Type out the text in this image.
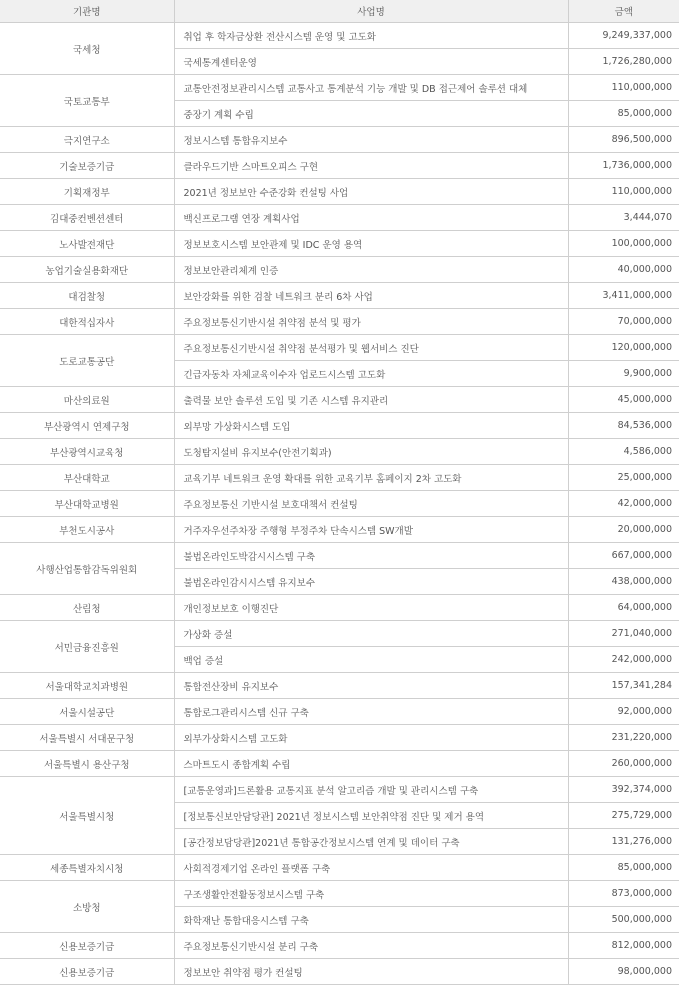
기관명	사업명	금액
국세청	취업 후 학자금상환 전산시스템 운영 및 고도화	9,249,337,000
	국세통계센터운영	1,726,280,000
국토교통부	교통안전정보관리시스템 교통사고 통계분석 기능 개발 및 DB 접근제어 솔루션 대체	110,000,000
	중장기 계획 수립	85,000,000
극지연구소	정보시스템 통합유지보수	896,500,000
기술보증기금	클라우드기반 스마트오피스 구현	1,736,000,000
기획재정부	2021년 정보보안 수준강화 컨설팅 사업	110,000,000
김대중컨벤션센터	백신프로그램 연장 계획사업	3,444,070
노사발전재단	정보보호시스템 보안관제 및 IDC 운영 용역	100,000,000
농업기술실용화재단	정보보안관리체계 인증	40,000,000
대검찰청	보안강화를 위한 검찰 네트워크 분리 6차 사업	3,411,000,000
대한적십자사	주요정보통신기반시설 취약점 분석 및 평가	70,000,000
도로교통공단	주요정보통신기반시설 취약점 분석평가 및 웹서비스 진단	120,000,000
	긴급자동차 자체교육이수자 업로드시스템 고도화	9,900,000
마산의료원	출력물 보안 솔루션 도입 및 기존 시스템 유지관리	45,000,000
부산광역시 연제구청	외부망 가상화시스템 도입	84,536,000
부산광역시교육청	도청탐지설비 유지보수(안전기획과)	4,586,000
부산대학교	교육기부 네트워크 운영 확대를 위한 교육기부 홈페이지 2차 고도화	25,000,000
부산대학교병원	주요정보통신 기반시설 보호대책서 컨설팅	42,000,000
부천도시공사	거주자우선주차장 주행형 부정주차 단속시스템 SW개발	20,000,000
사행산업통합감독위원회	불법온라인도박감시시스템 구축	667,000,000
	불법온라인감시시스템 유지보수	438,000,000
산림청	개인정보보호 이행진단	64,000,000
서민금융진흥원	가상화 증설	271,040,000
	백업 증설	242,000,000
서울대학교치과병원	통합전산장비 유지보수	157,341,284
서울시설공단	통합로그관리시스템 신규 구축	92,000,000
서울특별시 서대문구청	외부가상화시스템 고도화	231,220,000
서울특별시 용산구청	스마트도시 종합계획 수립	260,000,000
서울특별시청	[교통운영과]드론활용 교통지표 분석 알고리즘 개발 및 관리시스템 구축	392,374,000
	[정보통신보안담당관] 2021년 정보시스템 보안취약점 진단 및 제거 용역	275,729,000
	[공간정보담당관]2021년 통합공간정보시스템 연계 및 데이터 구축	131,276,000
세종특별자치시청	사회적경제기업 온라인 플랫폼 구축	85,000,000
소방청	구조생활안전활동정보시스템 구축	873,000,000
	화학재난 통합대응시스템 구축	500,000,000
신용보증기금	주요정보통신기반시설 분리 구축	812,000,000
신용보증기금	정보보안 취약점 평가 컨설팅	98,000,000
